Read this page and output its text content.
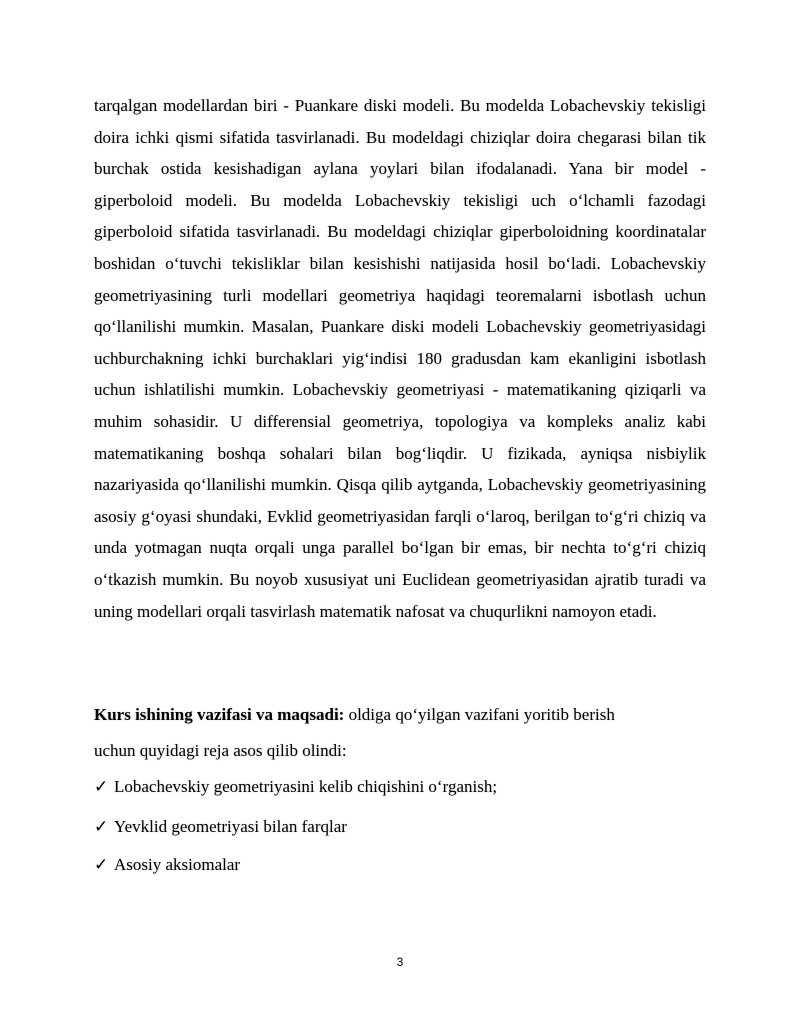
tarqalgan modellardan biri - Puankare diski modeli. Bu modelda Lobachevskiy tekisligi doira ichki qismi sifatida tasvirlanadi. Bu modeldagi chiziqlar doira chegarasi bilan tik burchak ostida kesishadigan aylana yoylari bilan ifodalanadi. Yana bir model - giperboloid modeli. Bu modelda Lobachevskiy tekisligi uch o‘lchamli fazodagi giperboloid sifatida tasvirlanadi. Bu modeldagi chiziqlar giperboloidning koordinatalar boshidan o‘tuvchi tekisliklar bilan kesishishi natijasida hosil bo‘ladi. Lobachevskiy geometriyasining turli modellari geometriya haqidagi teoremalarni isbotlash uchun qo‘llanilishi mumkin. Masalan, Puankare diski modeli Lobachevskiy geometriyasidagi uchburchakning ichki burchaklari yig‘indisi 180 gradusdan kam ekanligini isbotlash uchun ishlatilishi mumkin. Lobachevskiy geometriyasi - matematikaning qiziqarli va muhim sohasidir. U differensial geometriya, topologiya va kompleks analiz kabi matematikaning boshqa sohalari bilan bog‘liqdir. U fizikada, ayniqsa nisbiylik nazariyasida qo‘llanilishi mumkin. Qisqa qilib aytganda, Lobachevskiy geometriyasining asosiy g‘oyasi shundaki, Evklid geometriyasidan farqli o‘laroq, berilgan to‘g‘ri chiziq va unda yotmagan nuqta orqali unga parallel bo‘lgan bir emas, bir nechta to‘g‘ri chiziq o‘tkazish mumkin. Bu noyob xususiyat uni Euclidean geometriyasidan ajratib turadi va uning modellari orqali tasvirlash matematik nafosat va chuqurlikni namoyon etadi.

Kurs ishining vazifasi va maqsadi: oldiga qo‘yilgan vazifani yoritib berish

uchun quyidagi reja asos qilib olindi:

✓ Lobachevskiy geometriyasini kelib chiqishini o‘rganish;

✓ Yevklid geometriyasi bilan farqlar

✓ Asosiy aksiomalar

3
